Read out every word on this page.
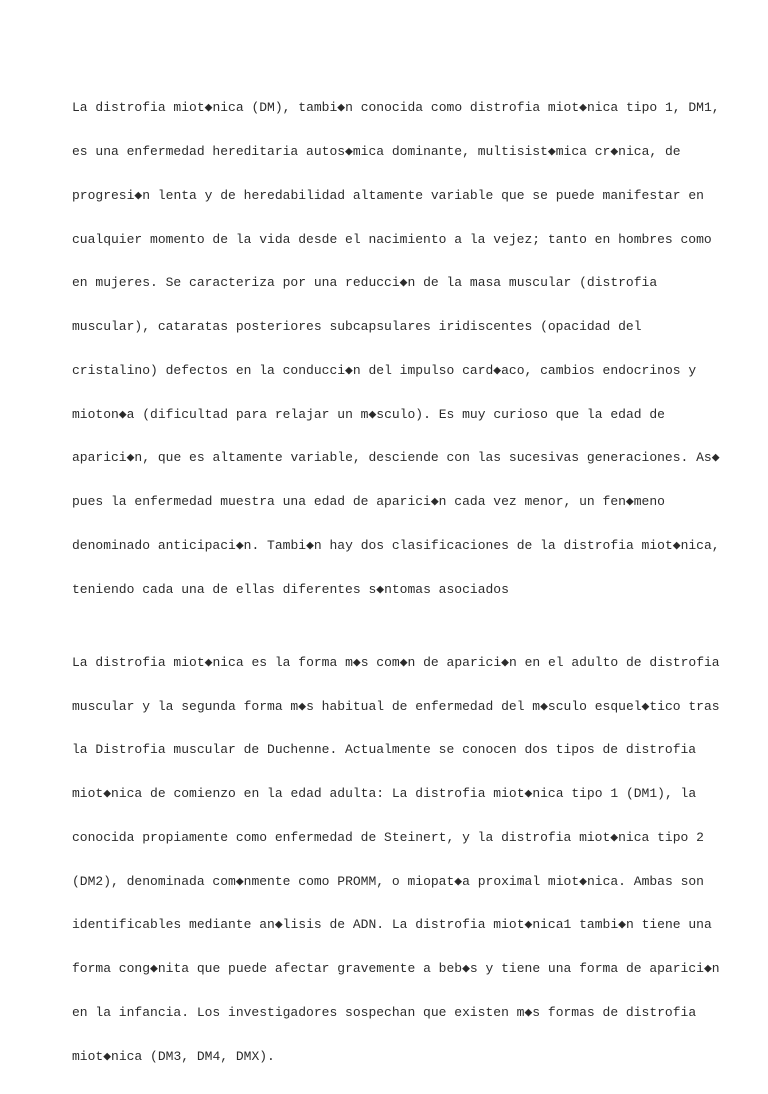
La distrofia miot◆nica (DM), tambi◆n conocida como distrofia miot◆nica tipo 1, DM1,

es una enfermedad hereditaria autos◆mica dominante, multisist◆mica cr◆nica, de

progresi◆n lenta y de heredabilidad altamente variable que se puede manifestar en

cualquier momento de la vida desde el nacimiento a la vejez; tanto en hombres como

en mujeres. Se caracteriza por una reducci◆n de la masa muscular (distrofia

muscular), cataratas posteriores subcapsulares iridiscentes (opacidad del

cristalino) defectos en la conducci◆n del impulso card◆aco, cambios endocrinos y

mioton◆a (dificultad para relajar un m◆sculo). Es muy curioso que la edad de

aparici◆n, que es altamente variable, desciende con las sucesivas generaciones. As◆

pues la enfermedad muestra una edad de aparici◆n cada vez menor, un fen◆meno

denominado anticipaci◆n. Tambi◆n hay dos clasificaciones de la distrofia miot◆nica,

teniendo cada una de ellas diferentes s◆ntomas asociados

La distrofia miot◆nica es la forma m◆s com◆n de aparici◆n en el adulto de distrofia

muscular y la segunda forma m◆s habitual de enfermedad del m◆sculo esquel◆tico tras

la Distrofia muscular de Duchenne. Actualmente se conocen dos tipos de distrofia

miot◆nica de comienzo en la edad adulta: La distrofia miot◆nica tipo 1 (DM1), la

conocida propiamente como enfermedad de Steinert, y la distrofia miot◆nica tipo 2

(DM2), denominada com◆nmente como PROMM, o miopat◆a proximal miot◆nica. Ambas son

identificables mediante an◆lisis de ADN. La distrofia miot◆nica1 tambi◆n tiene una

forma cong◆nita que puede afectar gravemente a beb◆s y tiene una forma de aparici◆n

en la infancia. Los investigadores sospechan que existen m◆s formas de distrofia

miot◆nica (DM3, DM4, DMX).
